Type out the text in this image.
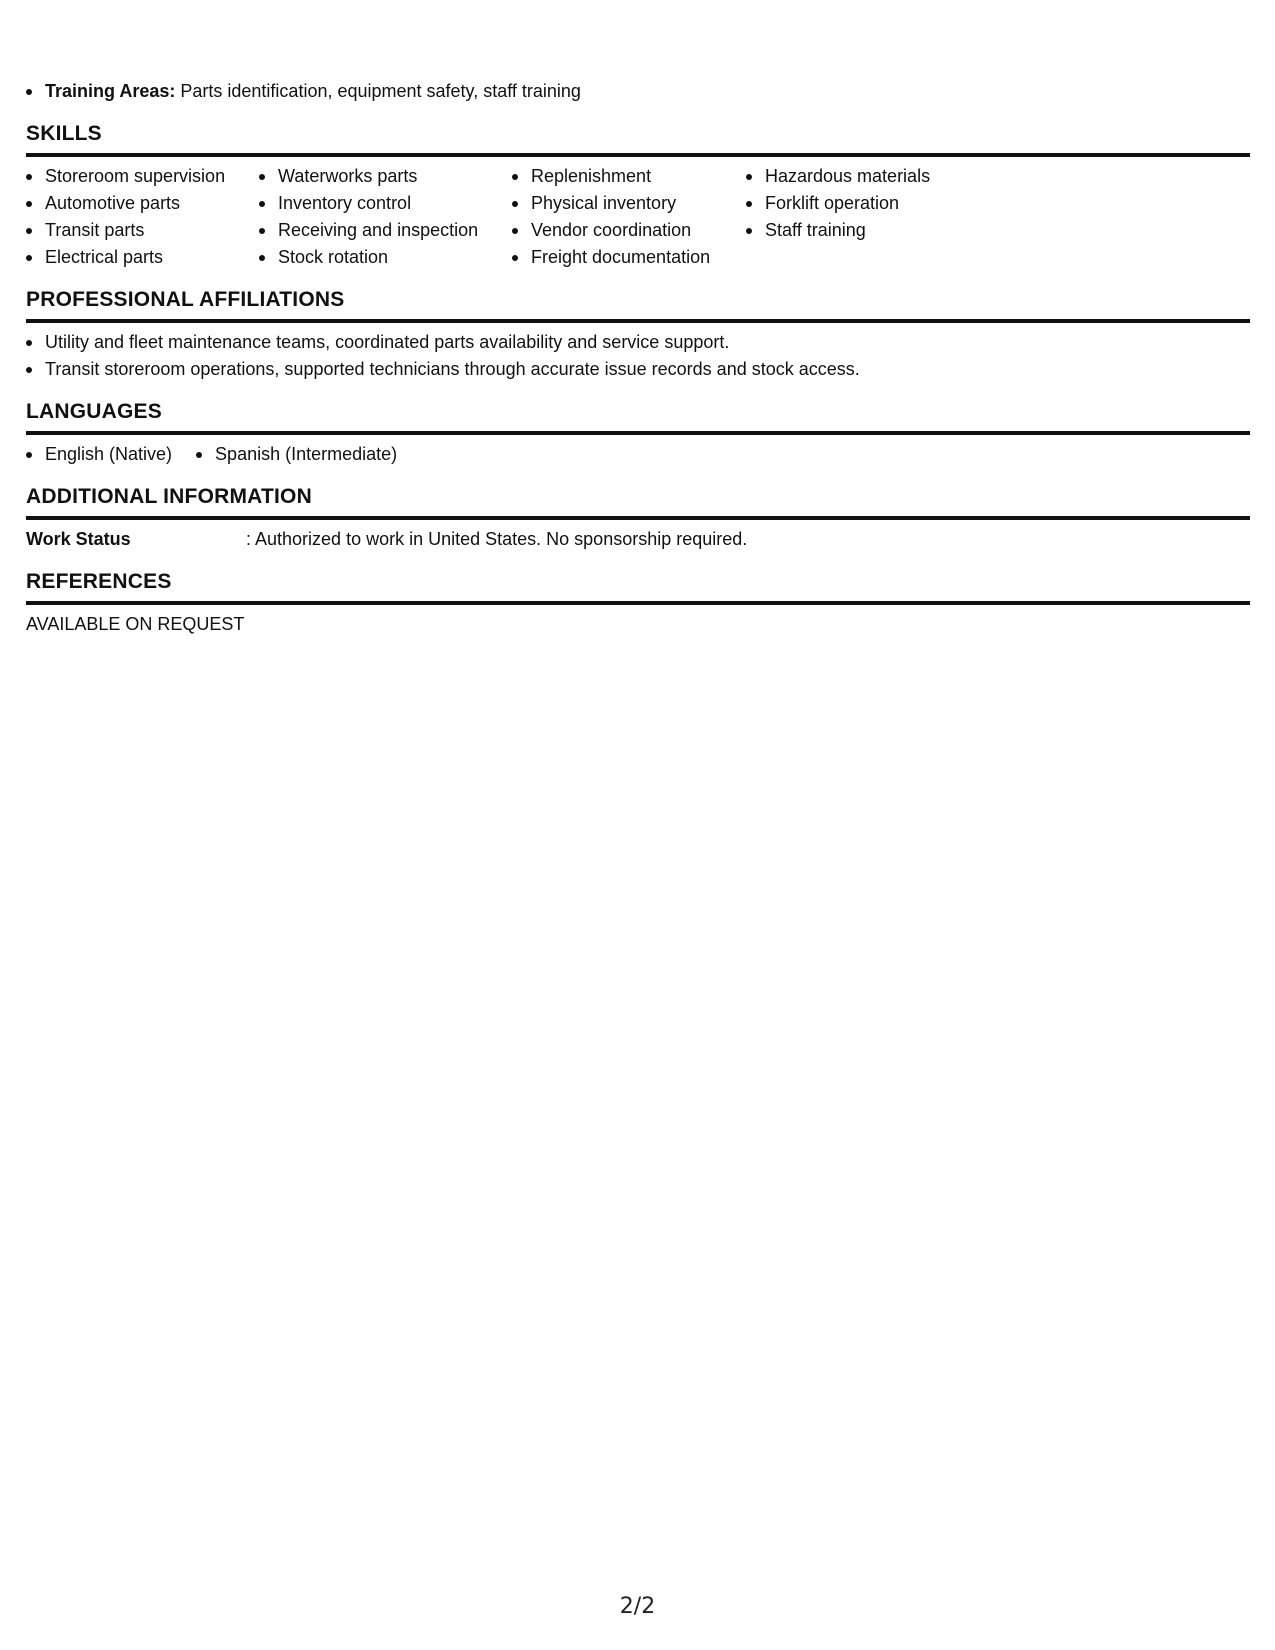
Training Areas: Parts identification, equipment safety, staff training
SKILLS
Storeroom supervision
Automotive parts
Transit parts
Electrical parts
Waterworks parts
Inventory control
Receiving and inspection
Stock rotation
Replenishment
Physical inventory
Vendor coordination
Freight documentation
Hazardous materials
Forklift operation
Staff training
PROFESSIONAL AFFILIATIONS
Utility and fleet maintenance teams, coordinated parts availability and service support.
Transit storeroom operations, supported technicians through accurate issue records and stock access.
LANGUAGES
English (Native)	Spanish (Intermediate)
ADDITIONAL INFORMATION
Work Status	: Authorized to work in United States. No sponsorship required.
REFERENCES
AVAILABLE ON REQUEST
2/2
